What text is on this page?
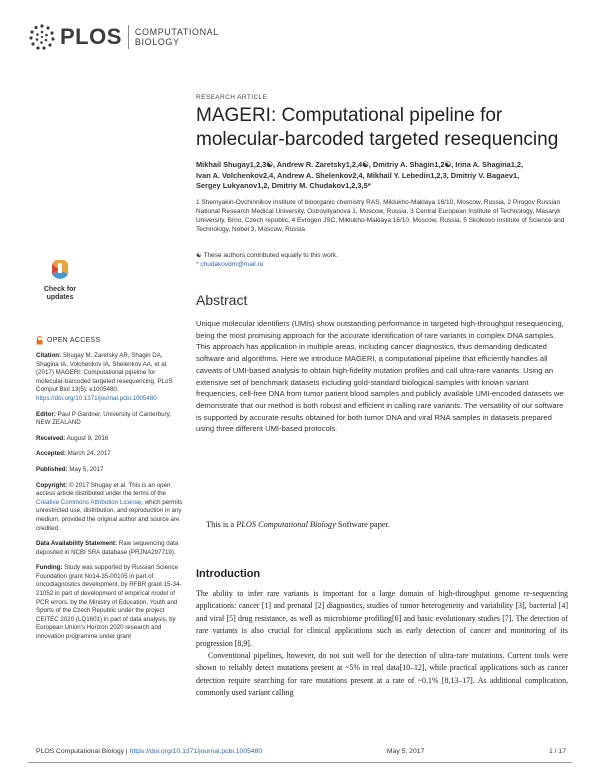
PLOS COMPUTATIONAL
BIOLOGY
Check for
updates
OPEN ACCESS

Citation: Shugay M, Zaretsky AR, Shagin DA, Shagina IA, Volchenkov IA, Shelenkov AA, et al. (2017) MAGERI: Computational pipeline for molecular-barcoded targeted resequencing. PLoS Comput Biol 13(5): e1005480. https://doi.org/10.1371/journal.pcbi.1005480

Editor: Paul P Gardner, University of Canterbury, NEW ZEALAND

Received: August 9, 2016

Accepted: March 24, 2017

Published: May 5, 2017

Copyright: © 2017 Shugay et al. This is an open access article distributed under the terms of the Creative Commons Attribution License, which permits unrestricted use, distribution, and reproduction in any medium, provided the original author and source are credited.

Data Availability Statement: Raw sequencing data deposited in NCBI SRA database (PRJNA297719).

Funding: Study was supported by Russian Science Foundation grant No14-35-00105 in part of oncodiagnostics development, by RFBR grant 15-34-21052 in part of development of empirical model of PCR errors, by the Ministry of Education, Youth and Sports of the Czech Republic under the project CEITEC 2020 (LQ1601) in part of data analysis, by European Union's Horizon 2020 research and innovation programme under grant

RESEARCH ARTICLE
MAGERI: Computational pipeline for molecular-barcoded targeted resequencing
Mikhail Shugay1,2,3☯, Andrew R. Zaretsky1,2,4☯, Dmitriy A. Shagin1,2☯, Irina A. Shagina1,2,
Ivan A. Volchenkov2,4, Andrew A. Shelenkov2,4, Mikhail Y. Lebedin1,2,3, Dmitriy V. Bagaev1,
Sergey Lukyanov1,2, Dmitriy M. Chudakov1,2,3,5*
1 Shemyakin-Ovchinnikov Institute of bioorganic chemistry RAS, Miklukho-Maklaya 16/10, Moscow, Russia, 2 Pirogov Russian National Research Medical University, Ostrovityanova 1, Moscow, Russia, 3 Central European Institute of Technology, Masaryk University, Brno, Czech republic, 4 Evrogen JSC, Miklukho-Maklaya 16/10, Moscow, Russia, 5 Skolkovo Institute of Science and Technology, Nobel 3, Moscow, Russia
☯ These authors contributed equally to this work.
* chudakovdm@mail.ru
Abstract
Unique molecular identifiers (UMIs) show outstanding performance in targeted high-throughput resequencing, being the most promising approach for the accurate identification of rare variants in complex DNA samples. This approach has application in multiple areas, including cancer diagnostics, thus demanding dedicated software and algorithms. Here we introduce MAGERI, a computational pipeline that efficiently handles all caveats of UMI-based analysis to obtain high-fidelity mutation profiles and call ultra-rare variants. Using an extensive set of benchmark datasets including gold-standard biological samples with known variant frequencies, cell-free DNA from tumor patient blood samples and publicly available UMI-encoded datasets we demonstrate that our method is both robust and efficient in calling rare variants. The versatility of our software is supported by accurate results obtained for both tumor DNA and viral RNA samples in datasets prepared using three different UMI-based protocols.
This is a PLOS Computational Biology Software paper.
Introduction

The ability to infer rare variants is important for a large domain of high-throughput genome re-sequencing applications: cancer [1] and prenatal [2] diagnostics, studies of tumor heterogeneity and variability [3], bacterial [4] and viral [5] drug resistance, as well as microbiome profiling[6] and basic evolutionary studies [7]. The detection of rare variants is also crucial for clinical applications such as early detection of cancer and monitoring of its progression [8,9].

Conventional pipelines, however, do not suit well for the detection of ultra-rare mutations. Current tools were shown to reliably detect mutations present at ~5% in real data[10–12], while practical applications such as cancer detection require searching for rare mutations present at a rate of ~0.1% [8,13–17]. As additional complication, commonly used variant calling

PLOS Computational Biology | https://doi.org/10.1371/journal.pcbi.1005480	May 5, 2017	1 / 17
